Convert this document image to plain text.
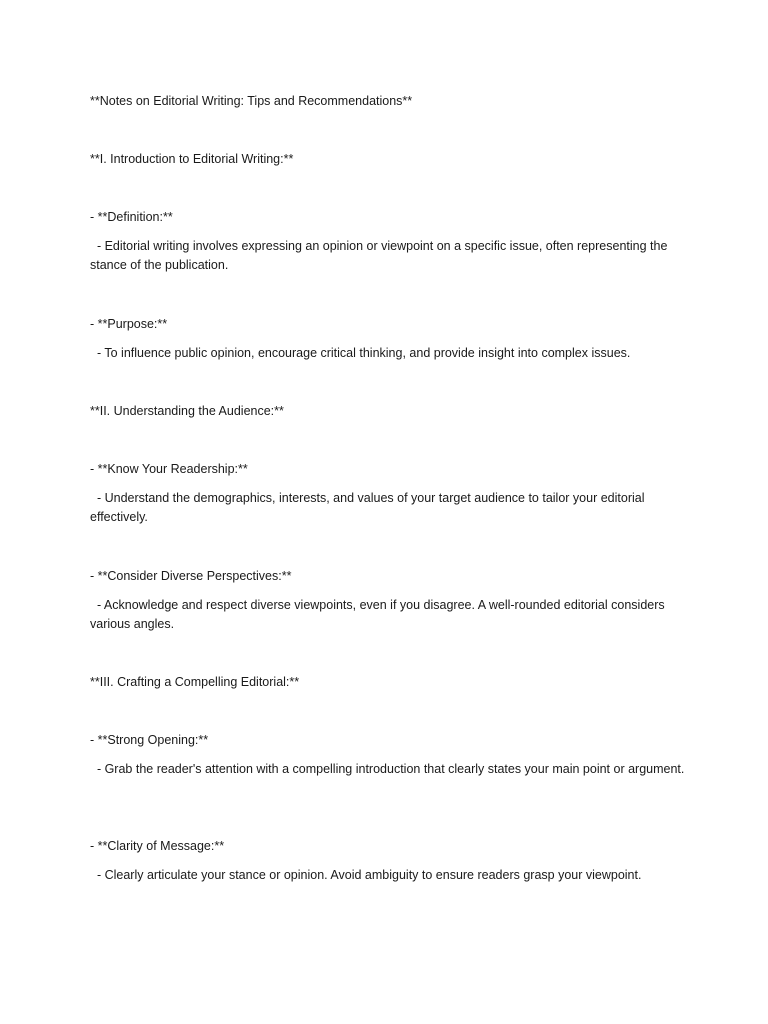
**Notes on Editorial Writing: Tips and Recommendations**

**I. Introduction to Editorial Writing:**

- **Definition:**

- Editorial writing involves expressing an opinion or viewpoint on a specific issue, often representing the stance of the publication.

- **Purpose:**

- To influence public opinion, encourage critical thinking, and provide insight into complex issues.

**II. Understanding the Audience:**

- **Know Your Readership:**

- Understand the demographics, interests, and values of your target audience to tailor your editorial effectively.

- **Consider Diverse Perspectives:**

- Acknowledge and respect diverse viewpoints, even if you disagree. A well-rounded editorial considers various angles.

**III. Crafting a Compelling Editorial:**

- **Strong Opening:**

- Grab the reader's attention with a compelling introduction that clearly states your main point or argument.

- **Clarity of Message:**

- Clearly articulate your stance or opinion. Avoid ambiguity to ensure readers grasp your viewpoint.
